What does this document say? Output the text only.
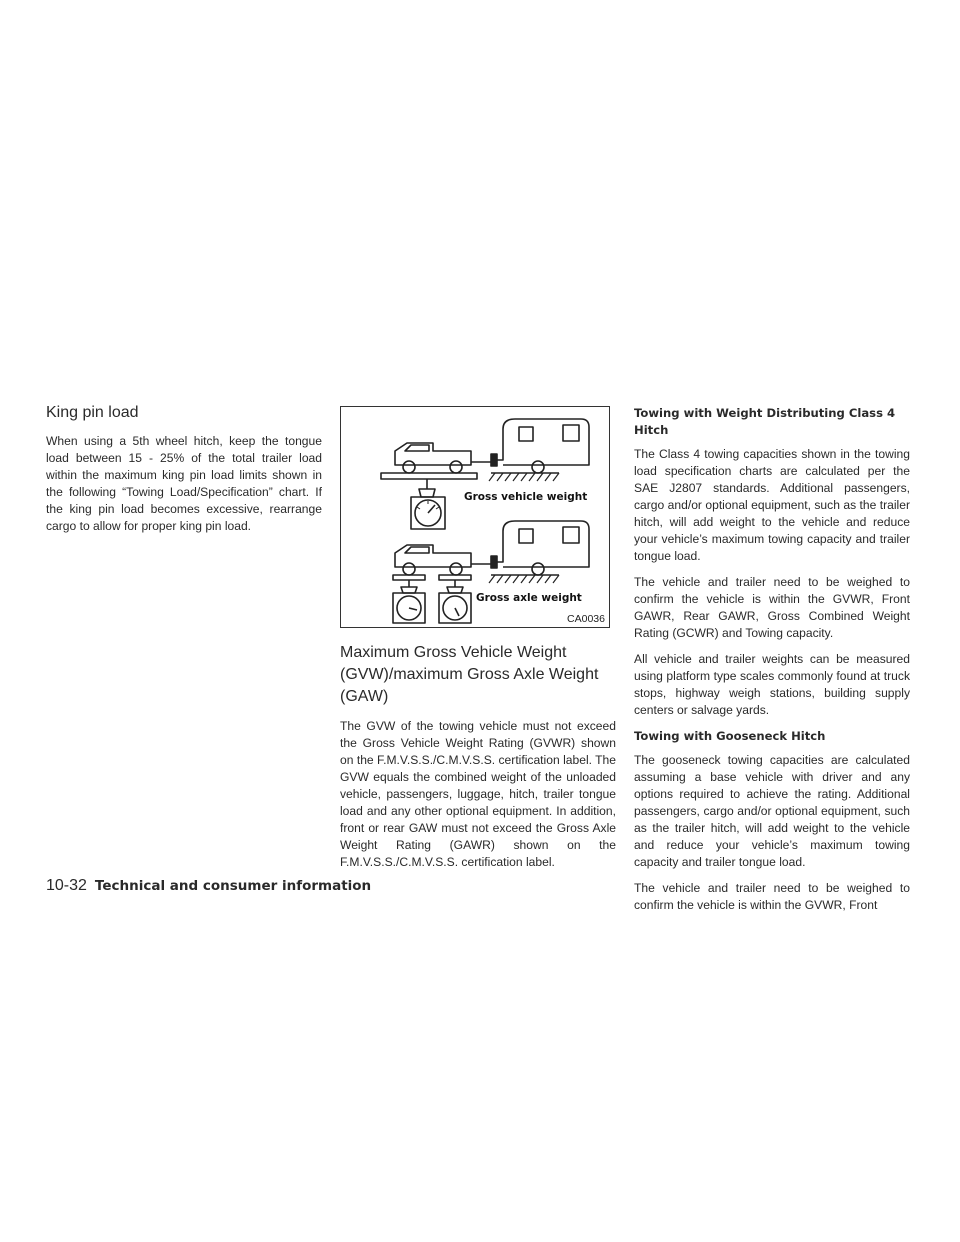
King pin load

When using a 5th wheel hitch, keep the tongue load between 15 - 25% of the total trailer load within the maximum king pin load limits shown in the following “Towing Load/Specification” chart. If the king pin load becomes excessive, rearrange cargo to allow for proper king pin load.

Gross vehicle weight
Gross axle weight
CA0036
Maximum Gross Vehicle Weight (GVW)/maximum Gross Axle Weight (GAW)

The GVW of the towing vehicle must not exceed the Gross Vehicle Weight Rating (GVWR) shown on the F.M.V.S.S./C.M.V.S.S. certification label. The GVW equals the combined weight of the unloaded vehicle, passengers, luggage, hitch, trailer tongue load and any other optional equipment. In addition, front or rear GAW must not exceed the Gross Axle Weight Rating (GAWR) shown on the F.M.V.S.S./C.M.V.S.S. certification label.

Towing with Weight Distributing Class 4 Hitch

The Class 4 towing capacities shown in the towing load specification charts are calculated per the SAE J2807 standards. Additional passengers, cargo and/or optional equipment, such as the trailer hitch, will add weight to the vehicle and reduce your vehicle’s maximum towing capacity and trailer tongue load.

The vehicle and trailer need to be weighed to confirm the vehicle is within the GVWR, Front GAWR, Rear GAWR, Gross Combined Weight Rating (GCWR) and Towing capacity.

All vehicle and trailer weights can be measured using platform type scales commonly found at truck stops, highway weigh stations, building supply centers or salvage yards.

Towing with Gooseneck Hitch

The gooseneck towing capacities are calculated assuming a base vehicle with driver and any options required to achieve the rating. Additional passengers, cargo and/or optional equipment, such as the trailer hitch, will add weight to the vehicle and reduce your vehicle’s maximum towing capacity and trailer tongue load.

The vehicle and trailer need to be weighed to confirm the vehicle is within the GVWR, Front

10-32 Technical and consumer information
